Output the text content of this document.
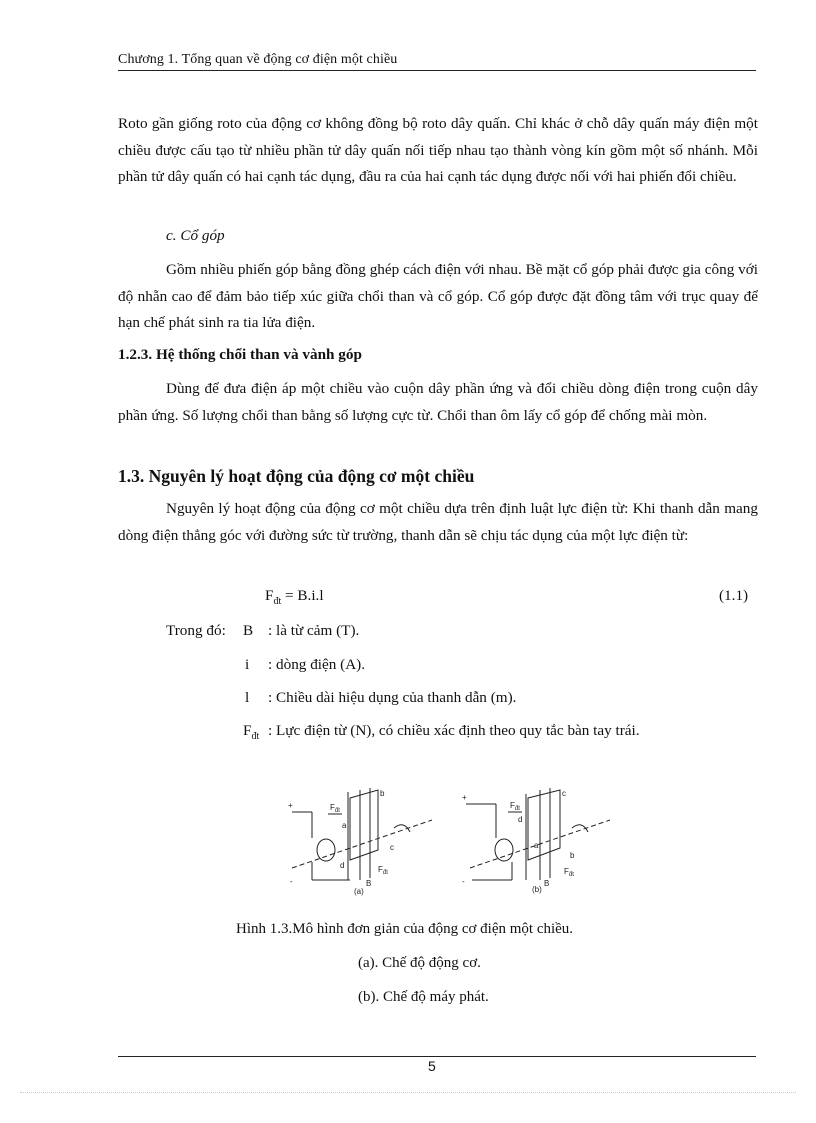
Chương 1. Tổng quan về động cơ điện một chiều

Roto gần giống roto của động cơ không đồng bộ roto dây quấn. Chỉ khác ở chỗ dây quấn máy điện một chiều được cấu tạo từ nhiều phần tử dây quấn nối tiếp nhau tạo thành vòng kín gồm một số nhánh. Mỗi phần tử dây quấn có hai cạnh tác dụng, đầu ra của hai cạnh tác dụng được nối với hai phiến đổi chiều.

c. Cổ góp

Gồm nhiều phiến góp bằng đồng ghép cách điện với nhau. Bề mặt cổ góp phải được gia công với độ nhẵn cao để đảm bảo tiếp xúc giữa chổi than và cổ góp. Cổ góp được đặt đồng tâm với trục quay để hạn chế phát sinh ra tia lửa điện.

1.2.3. Hệ thống chổi than và vành góp

Dùng để đưa điện áp một chiều vào cuộn dây phần ứng và đổi chiều dòng điện trong cuộn dây phần ứng. Số lượng chổi than bằng số lượng cực từ. Chổi than ôm lấy cổ góp để chống mài mòn.

1.3. Nguyên lý hoạt động của động cơ một chiều

Nguyên lý hoạt động của động cơ một chiều dựa trên định luật lực điện từ: Khi thanh dẫn mang dòng điện thẳng góc với đường sức từ trường, thanh dẫn sẽ chịu tác dụng của một lực điện từ:

$F_{đt} = B.i.l$	(1.1)
Trong đó: B : là từ cảm (T).
i : dòng điện (A).
l : Chiều dài hiệu dụng của thanh dẫn (m).
$F_{đt}$ : Lực điện từ (N), có chiều xác định theo quy tắc bàn tay trái.
+
-
$F_{đt}$
b
a
c
d
B
$F_{đt}$
(a)
+
-
$F_{đt}$
c
d
a
b
B
$F_{đt}$
(b)
Hình 1.3.Mô hình đơn giản của động cơ điện một chiều.
(a). Chế độ động cơ.
(b). Chế độ máy phát.
5
